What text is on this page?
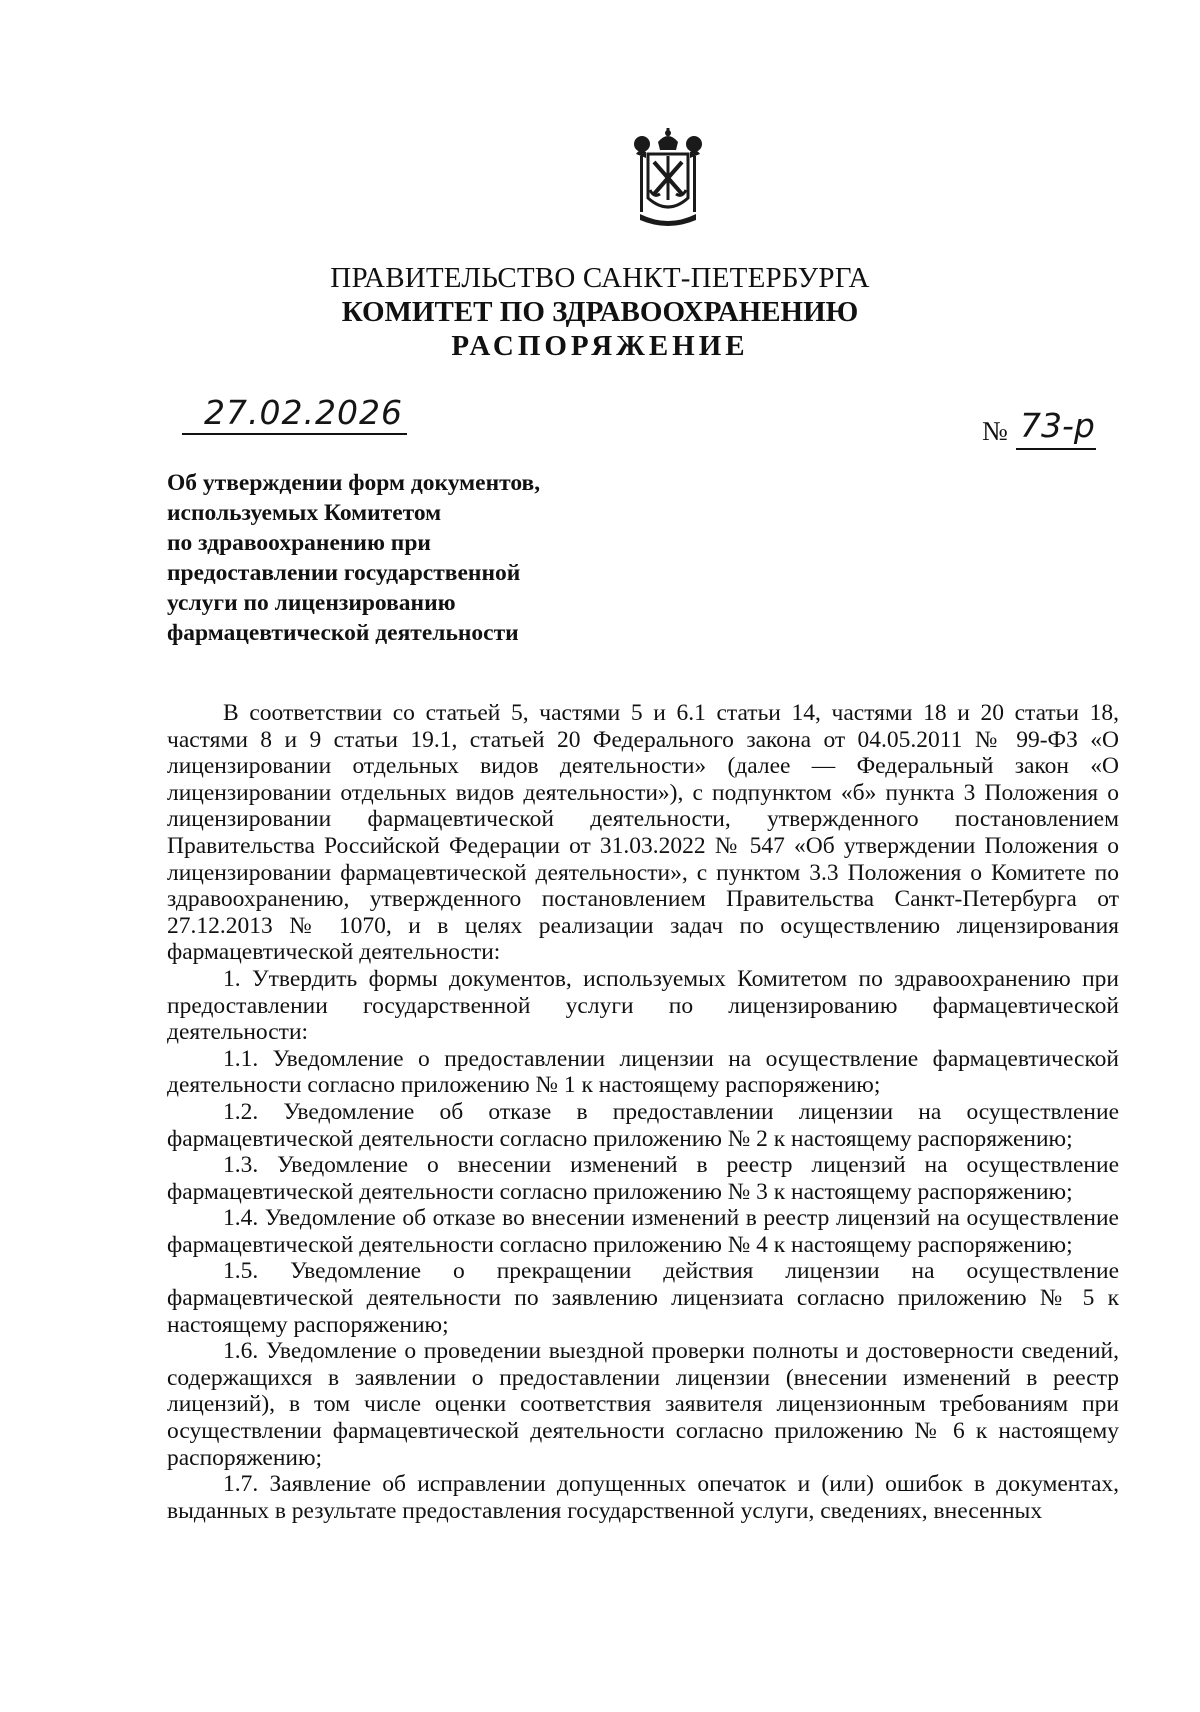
ПРАВИТЕЛЬСТВО САНКТ-ПЕТЕРБУРГА
КОМИТЕТ ПО ЗДРАВООХРАНЕНИЮ
РАСПОРЯЖЕНИЕ
27.02.2026	№ 73-р
Об утверждении форм документов,
используемых Комитетом
по здравоохранению при
предоставлении государственной
услуги по лицензированию
фармацевтической деятельности

В соответствии со статьей 5, частями 5 и 6.1 статьи 14, частями 18 и 20 статьи 18, частями 8 и 9 статьи 19.1, статьей 20 Федерального закона от 04.05.2011 № 99-ФЗ «О лицензировании отдельных видов деятельности» (далее — Федеральный закон «О лицензировании отдельных видов деятельности»), с подпунктом «б» пункта 3 Положения о лицензировании фармацевтической деятельности, утвержденного постановлением Правительства Российской Федерации от 31.03.2022 № 547 «Об утверждении Положения о лицензировании фармацевтической деятельности», с пунктом 3.3 Положения о Комитете по здравоохранению, утвержденного постановлением Правительства Санкт-Петербурга от 27.12.2013 № 1070, и в целях реализации задач по осуществлению лицензирования фармацевтической деятельности:

1. Утвердить формы документов, используемых Комитетом по здравоохранению при предоставлении государственной услуги по лицензированию фармацевтической деятельности:

1.1. Уведомление о предоставлении лицензии на осуществление фармацевтической деятельности согласно приложению № 1 к настоящему распоряжению;

1.2. Уведомление об отказе в предоставлении лицензии на осуществление фармацевтической деятельности согласно приложению № 2 к настоящему распоряжению;

1.3. Уведомление о внесении изменений в реестр лицензий на осуществление фармацевтической деятельности согласно приложению № 3 к настоящему распоряжению;

1.4. Уведомление об отказе во внесении изменений в реестр лицензий на осуществление фармацевтической деятельности согласно приложению № 4 к настоящему распоряжению;

1.5. Уведомление о прекращении действия лицензии на осуществление фармацевтической деятельности по заявлению лицензиата согласно приложению № 5 к настоящему распоряжению;

1.6. Уведомление о проведении выездной проверки полноты и достоверности сведений, содержащихся в заявлении о предоставлении лицензии (внесении изменений в реестр лицензий), в том числе оценки соответствия заявителя лицензионным требованиям при осуществлении фармацевтической деятельности согласно приложению № 6 к настоящему распоряжению;

1.7. Заявление об исправлении допущенных опечаток и (или) ошибок в документах, выданных в результате предоставления государственной услуги, сведениях, внесенных
